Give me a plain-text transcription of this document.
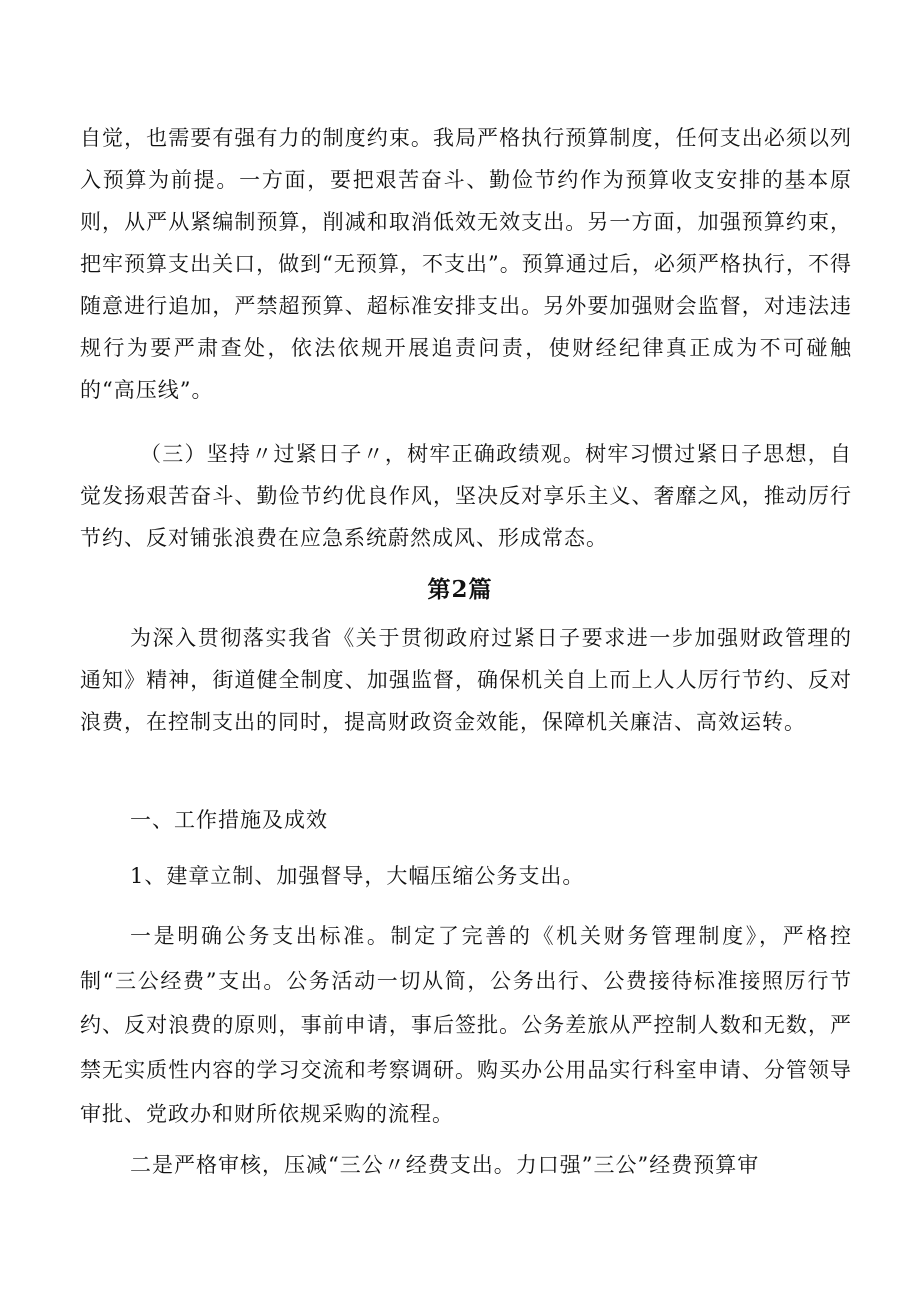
自觉，也需要有强有力的制度约束。我局严格执行预算制度，任何支出必须以列入预算为前提。一方面，要把艰苦奋斗、勤俭节约作为预算收支安排的基本原则，从严从紧编制预算，削减和取消低效无效支出。另一方面，加强预算约束，把牢预算支出关口，做到“无预算，不支出”。预算通过后，必须严格执行，不得随意进行追加，严禁超预算、超标准安排支出。另外要加强财会监督，对违法违规行为要严肃查处，依法依规开展追责问责，使财经纪律真正成为不可碰触的“高压线”。

（三）坚持〃过紧日子〃，树牢正确政绩观。树牢习惯过紧日子思想，自觉发扬艰苦奋斗、勤俭节约优良作风，坚决反对享乐主义、奢靡之风，推动厉行节约、反对铺张浪费在应急系统蔚然成风、形成常态。

第2篇

为深入贯彻落实我省《关于贯彻政府过紧日子要求进一步加强财政管理的通知》精神，街道健全制度、加强监督，确保机关自上而上人人厉行节约、反对浪费，在控制支出的同时，提高财政资金效能，保障机关廉洁、高效运转。

一、工作措施及成效

1、建章立制、加强督导，大幅压缩公务支出。

一是明确公务支出标准。制定了完善的《机关财务管理制度》，严格控制“三公经费”支出。公务活动一切从简，公务出行、公费接待标准接照厉行节约、反对浪费的原则，事前申请，事后签批。公务差旅从严控制人数和无数，严禁无实质性内容的学习交流和考察调研。购买办公用品实行科室申请、分管领导审批、党政办和财所依规采购的流程。

二是严格审核，压减“三公〃经费支出。力口强”三公”经费预算审
